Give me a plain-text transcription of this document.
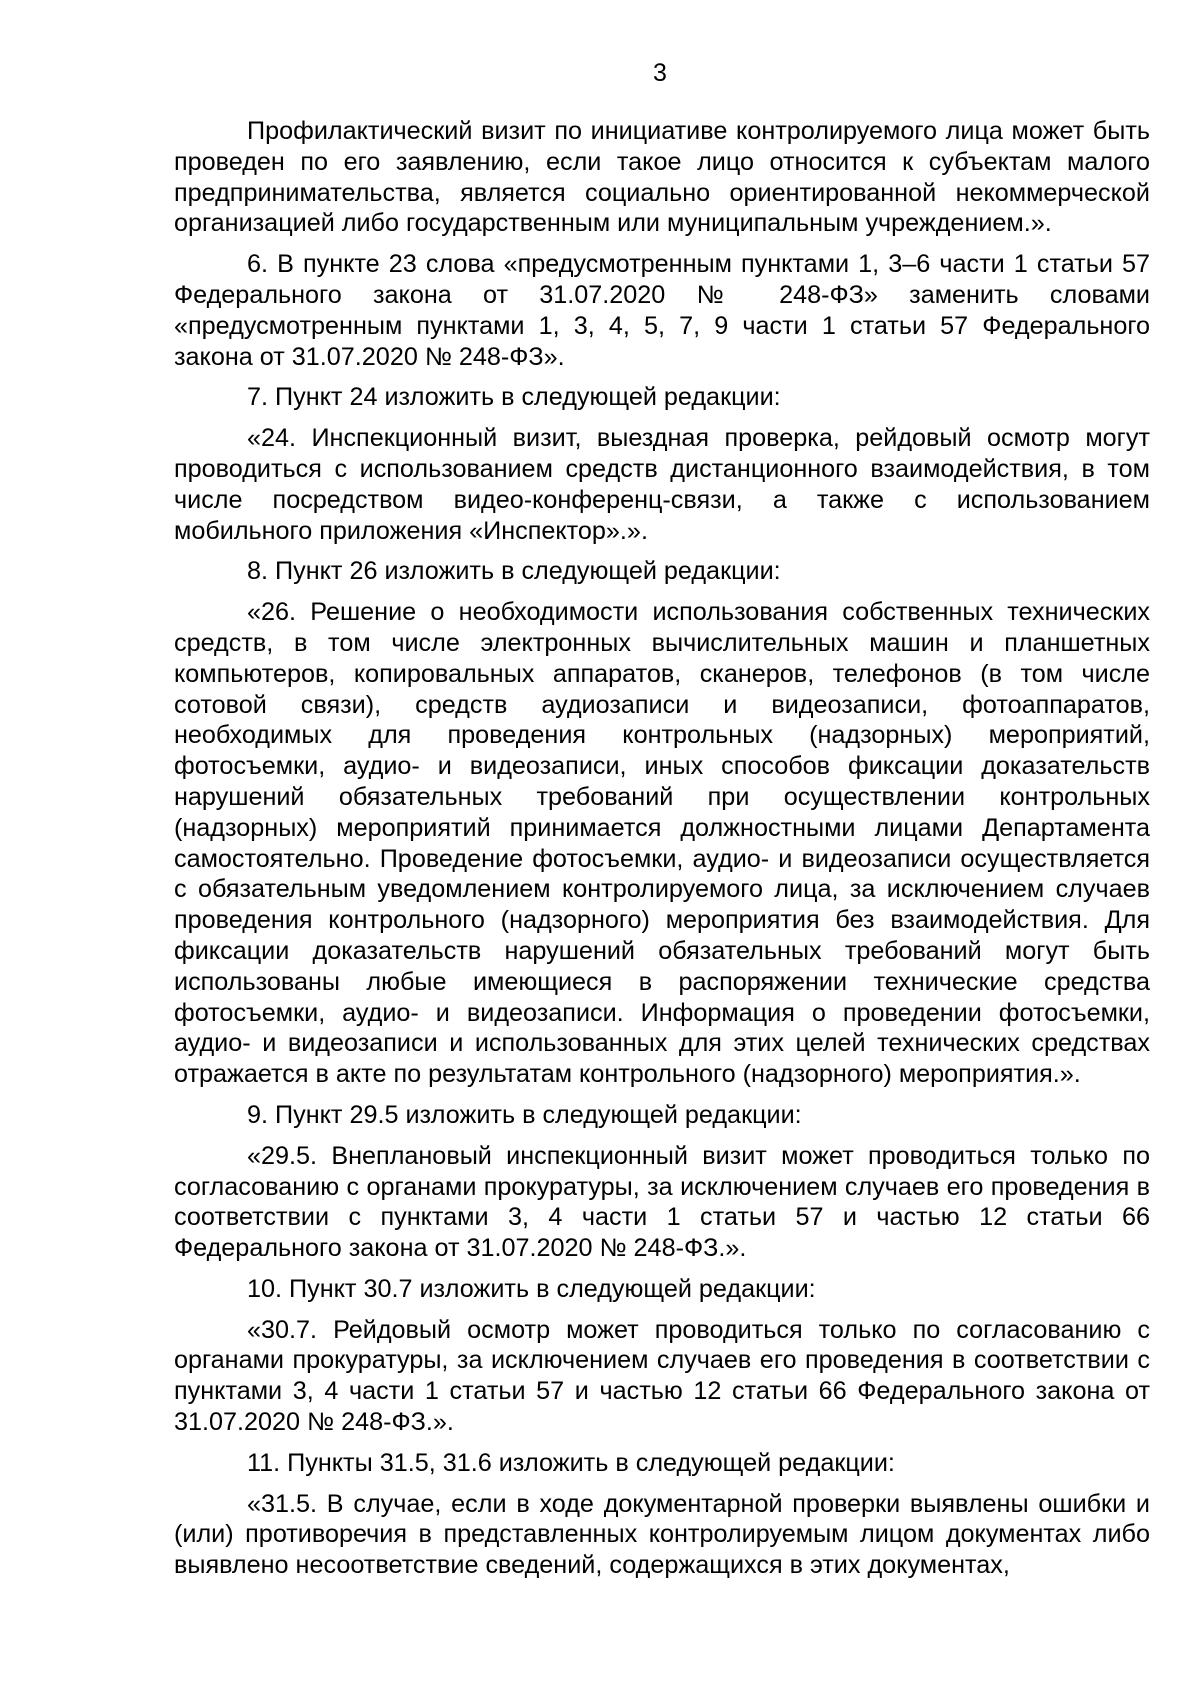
3

Профилактический визит по инициативе контролируемого лица может быть проведен по его заявлению, если такое лицо относится к субъектам малого предпринимательства, является социально ориентированной некоммерческой организацией либо государственным или муниципальным учреждением.».

6. В пункте 23 слова «предусмотренным пунктами 1, 3–6 части 1 статьи 57 Федерального закона от 31.07.2020 № 248-ФЗ» заменить словами «предусмотренным пунктами 1, 3, 4, 5, 7, 9 части 1 статьи 57 Федерального закона от 31.07.2020 № 248-ФЗ».

7. Пункт 24 изложить в следующей редакции:

«24. Инспекционный визит, выездная проверка, рейдовый осмотр могут проводиться с использованием средств дистанционного взаимодействия, в том числе посредством видео-конференц-связи, а также с использованием мобильного приложения «Инспектор».».

8. Пункт 26 изложить в следующей редакции:

«26. Решение о необходимости использования собственных технических средств, в том числе электронных вычислительных машин и планшетных компьютеров, копировальных аппаратов, сканеров, телефонов (в том числе сотовой связи), средств аудиозаписи и видеозаписи, фотоаппаратов, необходимых для проведения контрольных (надзорных) мероприятий, фотосъемки, аудио- и видеозаписи, иных способов фиксации доказательств нарушений обязательных требований при осуществлении контрольных (надзорных) мероприятий принимается должностными лицами Департамента самостоятельно. Проведение фотосъемки, аудио- и видеозаписи осуществляется с обязательным уведомлением контролируемого лица, за исключением случаев проведения контрольного (надзорного) мероприятия без взаимодействия. Для фиксации доказательств нарушений обязательных требований могут быть использованы любые имеющиеся в распоряжении технические средства фотосъемки, аудио- и видеозаписи. Информация о проведении фотосъемки, аудио- и видеозаписи и использованных для этих целей технических средствах отражается в акте по результатам контрольного (надзорного) мероприятия.».

9. Пункт 29.5 изложить в следующей редакции:

«29.5. Внеплановый инспекционный визит может проводиться только по согласованию с органами прокуратуры, за исключением случаев его проведения в соответствии с пунктами 3, 4 части 1 статьи 57 и частью 12 статьи 66 Федерального закона от 31.07.2020 № 248-ФЗ.».

10. Пункт 30.7 изложить в следующей редакции:

«30.7. Рейдовый осмотр может проводиться только по согласованию с органами прокуратуры, за исключением случаев его проведения в соответствии с пунктами 3, 4 части 1 статьи 57 и частью 12 статьи 66 Федерального закона от 31.07.2020 № 248-ФЗ.».

11. Пункты 31.5, 31.6 изложить в следующей редакции:

«31.5. В случае, если в ходе документарной проверки выявлены ошибки и (или) противоречия в представленных контролируемым лицом документах либо выявлено несоответствие сведений, содержащихся в этих документах,
